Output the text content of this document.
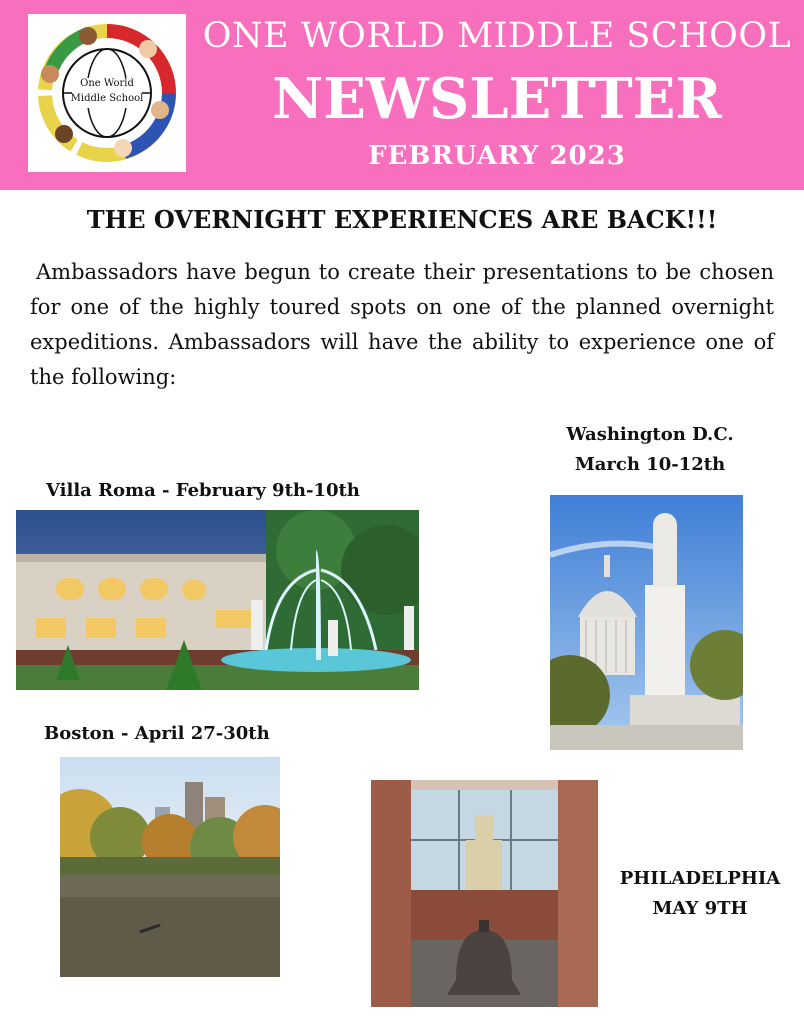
One World
Middle School
ONE WORLD MIDDLE SCHOOL
NEWSLETTER
FEBRUARY 2023
THE OVERNIGHT EXPERIENCES ARE BACK!!!
Ambassadors have begun to create their presentations to be chosen for one of the highly toured spots on one of the planned overnight expeditions. Ambassadors will have the ability to experience one of the following:
Washington D.C.
March 10-12th
Villa Roma - February 9th-10th
Boston - April 27-30th
PHILADELPHIA
MAY 9TH
